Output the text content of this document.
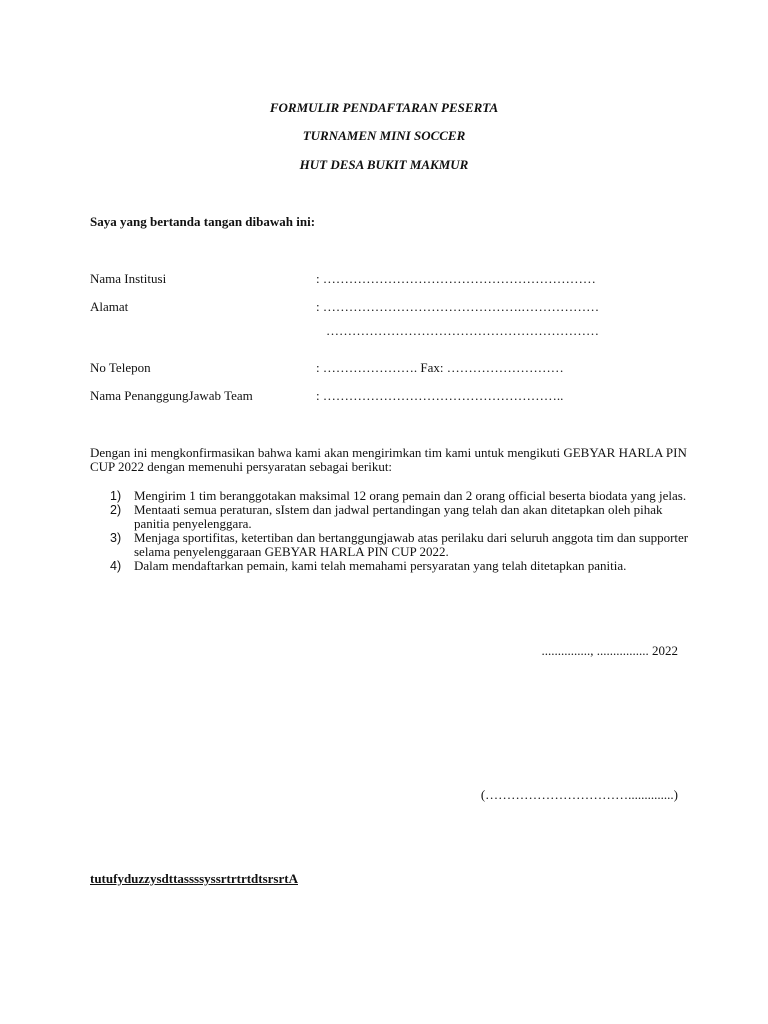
FORMULIR PENDAFTARAN PESERTA
TURNAMEN MINI SOCCER
HUT DESA BUKIT MAKMUR
Saya yang bertanda tangan dibawah ini:
Nama Institusi	: ………………………………………………………
Alamat	: ……………………………………….………………
………………………………………………………
No Telepon	: …………………. Fax: ………………………
Nama PenanggungJawab Team	: ………………………………………………..
Dengan ini mengkonfirmasikan bahwa kami akan mengirimkan tim kami untuk mengikuti GEBYAR HARLA PIN CUP 2022 dengan memenuhi persyaratan sebagai berikut:
1) Mengirim 1 tim beranggotakan maksimal 12 orang pemain dan 2 orang official beserta biodata yang jelas.
2) Mentaati semua peraturan, sIstem dan jadwal pertandingan yang telah dan akan ditetapkan oleh pihak panitia penyelenggara.
3) Menjaga sportifitas, ketertiban dan bertanggungjawab atas perilaku dari seluruh anggota tim dan supporter selama penyelenggaraan GEBYAR HARLA PIN CUP 2022.
4) Dalam mendaftarkan pemain, kami telah memahami persyaratan yang telah ditetapkan panitia.
..............., ................ 2022
(……………………………..............)
tutufyduzzysdttassssyssrtrtrtdtsrsrtA
